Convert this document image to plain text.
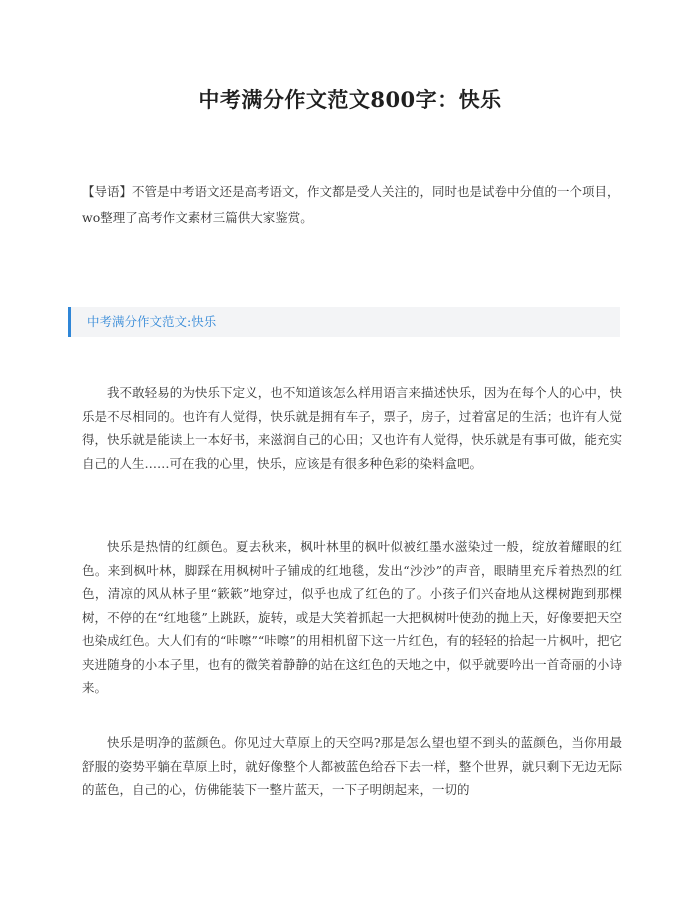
中考满分作文范文800字：快乐
【导语】不管是中考语文还是高考语文，作文都是受人关注的，同时也是试卷中分值的一个项目，wo整理了高考作文素材三篇供大家鉴赏。
中考满分作文范文:快乐
我不敢轻易的为快乐下定义，也不知道该怎么样用语言来描述快乐，因为在每个人的心中，快乐是不尽相同的。也许有人觉得，快乐就是拥有车子，票子，房子，过着富足的生活；也许有人觉得，快乐就是能读上一本好书，来滋润自己的心田；又也许有人觉得，快乐就是有事可做，能充实自己的人生……可在我的心里，快乐，应该是有很多种色彩的染料盒吧。
快乐是热情的红颜色。夏去秋来，枫叶林里的枫叶似被红墨水滋染过一般，绽放着耀眼的红色。来到枫叶林，脚踩在用枫树叶子铺成的红地毯，发出“沙沙”的声音，眼睛里充斥着热烈的红色，清凉的风从林子里“簌簌”地穿过，似乎也成了红色的了。小孩子们兴奋地从这棵树跑到那棵树，不停的在“红地毯”上跳跃，旋转，或是大笑着抓起一大把枫树叶使劲的抛上天，好像要把天空也染成红色。大人们有的“咔嚓”“咔嚓”的用相机留下这一片红色，有的轻轻的拾起一片枫叶，把它夹进随身的小本子里，也有的微笑着静静的站在这红色的天地之中，似乎就要吟出一首奇丽的小诗来。
快乐是明净的蓝颜色。你见过大草原上的天空吗?那是怎么望也望不到头的蓝颜色，当你用最舒服的姿势平躺在草原上时，就好像整个人都被蓝色给吞下去一样，整个世界，就只剩下无边无际的蓝色，自己的心，仿佛能装下一整片蓝天，一下子明朗起来，一切的
